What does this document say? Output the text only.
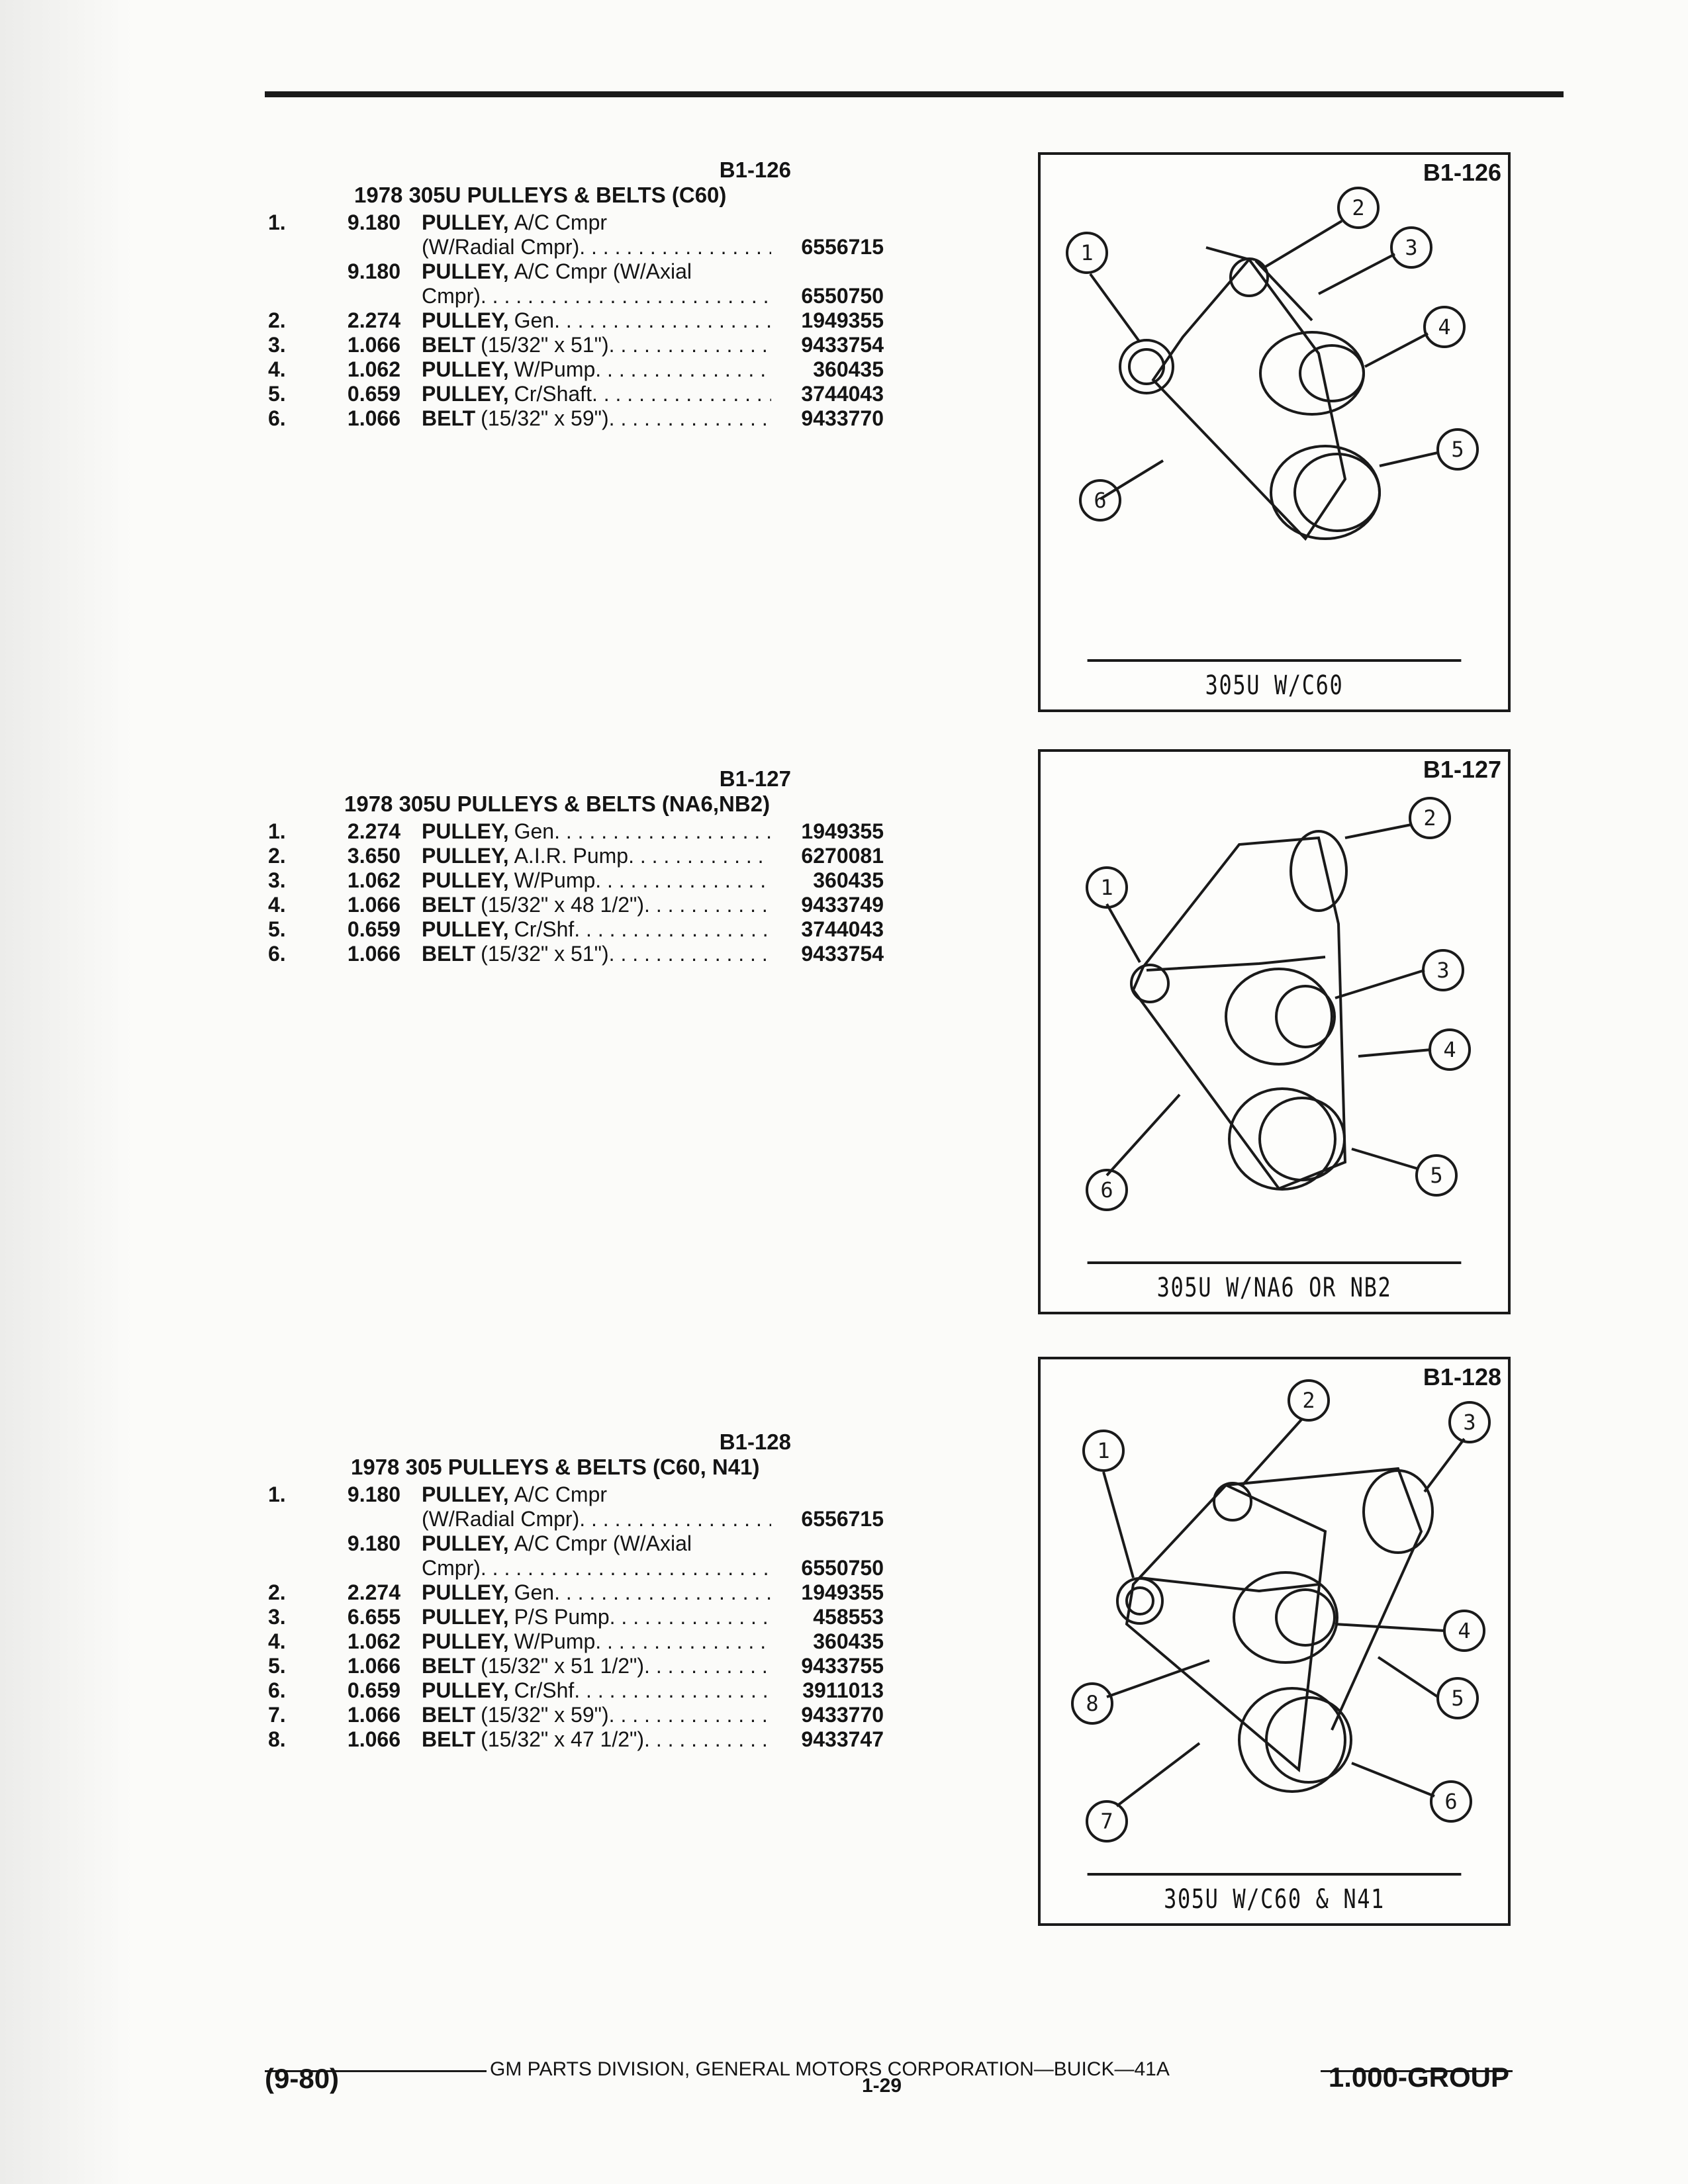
B1-126
1978 305U PULLEYS & BELTS (C60)
1.	9.180	PULLEY, A/C Cmpr
(W/Radial Cmpr) . . .	6556715
9.180	PULLEY, A/C Cmpr (W/Axial
Cmpr) . . .	6550750
2.	2.274	PULLEY, Gen . . .	1949355
3.	1.066	BELT (15/32" x 51") . . .	9433754
4.	1.062	PULLEY, W/Pump . . .	360435
5.	0.659	PULLEY, Cr/Shaft . . .	3744043
6.	1.066	BELT (15/32" x 59") . . .	9433770
B1-127
1978 305U PULLEYS & BELTS (NA6,NB2)
1.	2.274	PULLEY, Gen . . .	1949355
2.	3.650	PULLEY, A.I.R. Pump . . .	6270081
3.	1.062	PULLEY, W/Pump . . .	360435
4.	1.066	BELT (15/32" x 48 1/2") . . .	9433749
5.	0.659	PULLEY, Cr/Shf . . .	3744043
6.	1.066	BELT (15/32" x 51") . . .	9433754
B1-128
1978 305 PULLEYS & BELTS (C60, N41)
1.	9.180	PULLEY, A/C Cmpr
(W/Radial Cmpr) . . .	6556715
9.180	PULLEY, A/C Cmpr (W/Axial
Cmpr) . . .	6550750
2.	2.274	PULLEY, Gen . . .	1949355
3.	6.655	PULLEY, P/S Pump . . .	458553
4.	1.062	PULLEY, W/Pump . . .	360435
5.	1.066	BELT (15/32" x 51 1/2") . . .	9433755
6.	0.659	PULLEY, Cr/Shf . . .	3911013
7.	1.066	BELT (15/32" x 59") . . .	9433770
8.	1.066	BELT (15/32" x 47 1/2") . . .	9433747
B1-126
1
2
3
4
5
6
305U W/C60
B1-127
1
2
3
4
5
6
305U W/NA6 OR NB2
B1-128
1
2
3
4
5
6
7
8
305U W/C60 & N41
GM PARTS DIVISION, GENERAL MOTORS CORPORATION—BUICK—41A
(9-80)	1-29	1.000-GROUP
